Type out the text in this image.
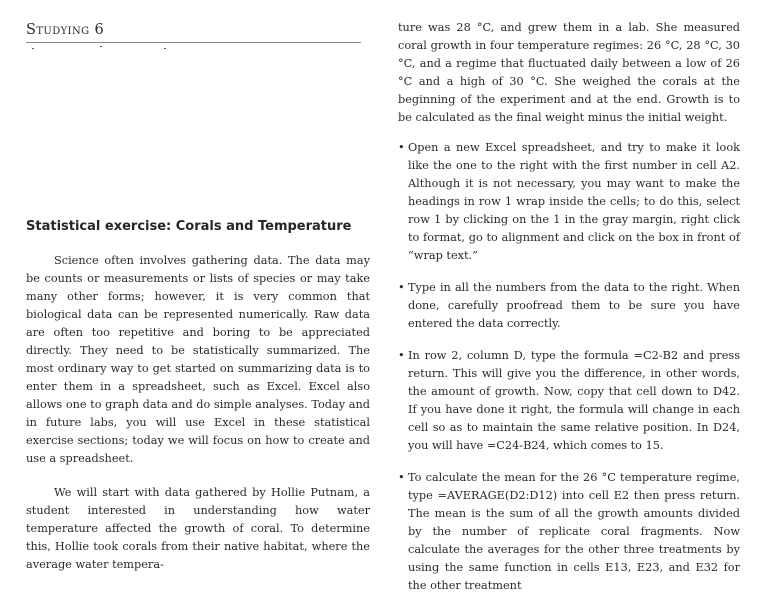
Studying 6
Statistical exercise: Corals and Temperature

Science often involves gathering data. The data may be counts or measurements or lists of species or may take many other forms; however, it is very common that biological data can be represented numerically. Raw data are often too repetitive and boring to be appreciated directly. They need to be statistically summarized. The most ordinary way to get started on summarizing data is to enter them in a spreadsheet, such as Excel. Excel also allows one to graph data and do simple analyses. Today and in future labs, you will use Excel in these statistical exercise sections; today we will focus on how to create and use a spreadsheet.

We will start with data gathered by Hollie Putnam, a student interested in understanding how water temperature affected the growth of coral. To determine this, Hollie took corals from their native habitat, where the average water tempera-

ture was 28 °C, and grew them in a lab. She measured coral growth in four temperature regimes: 26 °C, 28 °C, 30 °C, and a regime that fluctuated daily between a low of 26 °C and a high of 30 °C. She weighed the corals at the beginning of the experiment and at the end. Growth is to be calculated as the final weight minus the initial weight.

• Open a new Excel spreadsheet, and try to make it look like the one to the right with the first number in cell A2. Although it is not necessary, you may want to make the headings in row 1 wrap inside the cells; to do this, select row 1 by clicking on the 1 in the gray margin, right click to format, go to alignment and click on the box in front of “wrap text.”
• Type in all the numbers from the data to the right. When done, carefully proofread them to be sure you have entered the data correctly.
• In row 2, column D, type the formula =C2-B2 and press return. This will give you the difference, in other words, the amount of growth. Now, copy that cell down to D42. If you have done it right, the formula will change in each cell so as to maintain the same relative position. In D24, you will have =C24-B24, which comes to 15.
• To calculate the mean for the 26 °C temperature regime, type =AVERAGE(D2:D12) into cell E2 then press return. The mean is the sum of all the growth amounts divided by the number of replicate coral fragments. Now calculate the averages for the other three treatments by using the same function in cells E13, E23, and E32 for the other treatment
